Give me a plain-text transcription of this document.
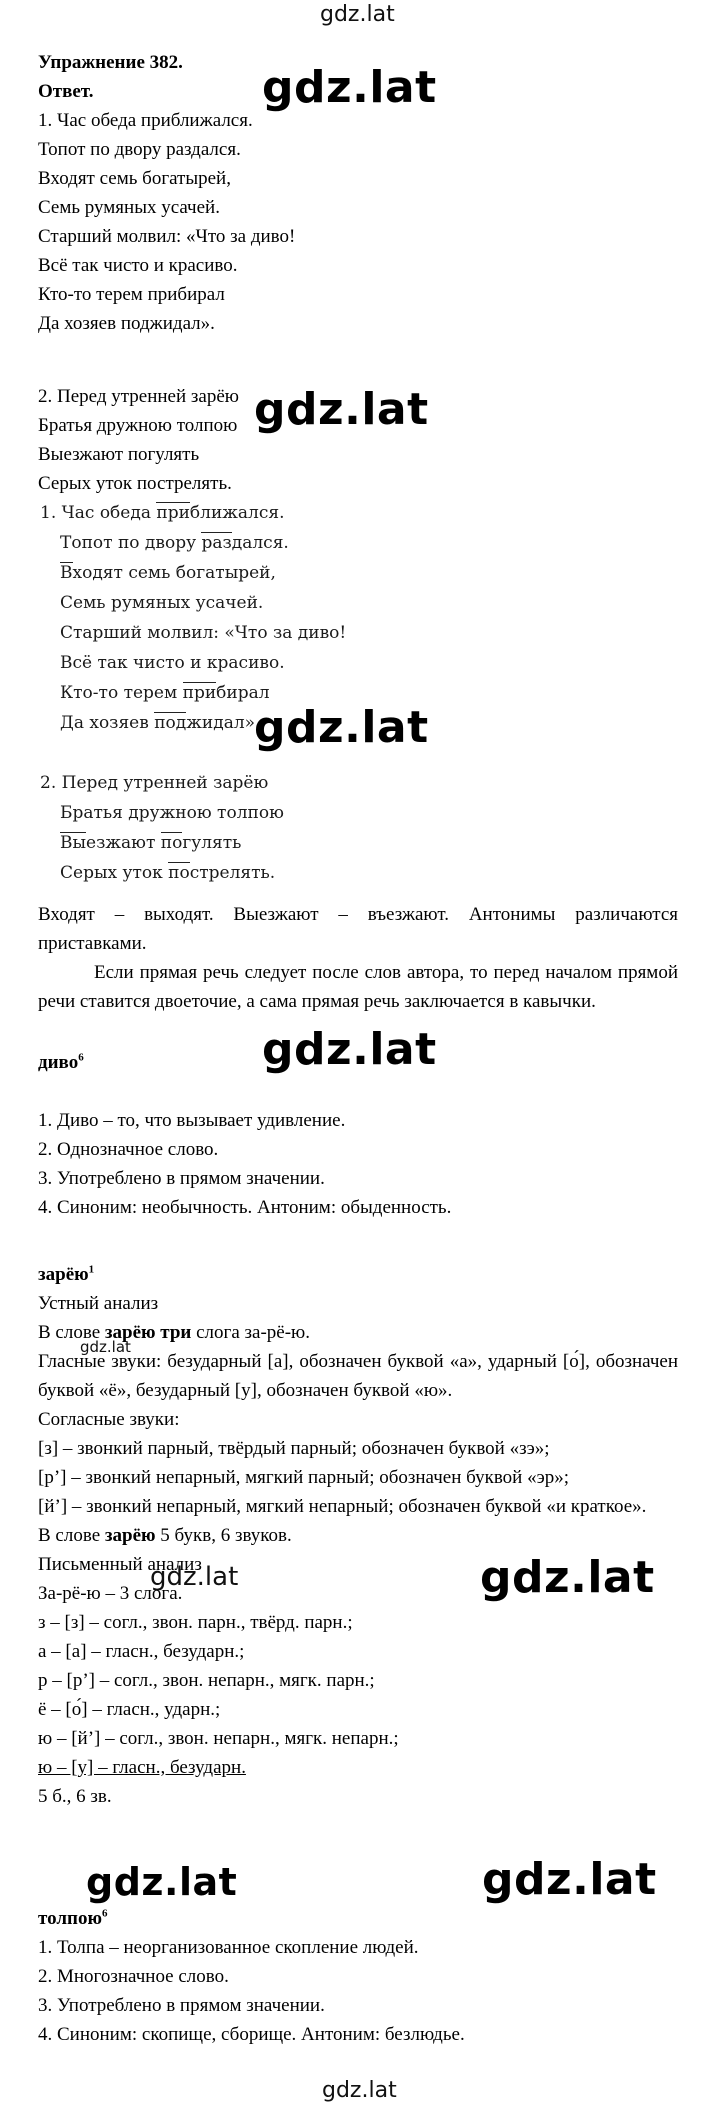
gdz.lat

Упражнение 382.

Ответ.

1. Час обеда приближался.

Топот по двору раздался.

Входят семь богатырей,

Семь румяных усачей.

Старший молвил: «Что за диво!

Всё так чисто и красиво.

Кто-то терем прибирал

Да хозяев поджидал».

gdz.lat

2. Перед утренней зарёю

Братья дружною толпою

Выезжают погулять

Серых уток пострелять.

gdz.lat

1. Час обеда приближался.

Топот по двору раздался.

Входят семь богатырей,

Семь румяных усачей.

Старший молвил: «Что за диво!

Всё так чисто и красиво.

Кто-то терем прибирал

Да хозяев поджидал».

gdz.lat

2. Перед утренней зарёю

Братья дружною толпою

Выезжают погулять

Серых уток пострелять.

Входят – выходят. Выезжают – въезжают. Антонимы различаются приставками.

Если прямая речь следует после слов автора, то перед началом прямой речи ставится двоеточие, а сама прямая речь заключается в кавычки.

gdz.lat

диво$^6$

1. Диво – то, что вызывает удивление.

2. Однозначное слово.

3. Употреблено в прямом значении.

4. Синоним: необычность. Антоним: обыденность.

зарёю$^1$

Устный анализ

В слове зарёю три слога за-рё-ю.

Гласные звуки: безударный [а], обозначен буквой «а», ударный [о́], обозначен буквой «ё», безударный [у], обозначен буквой «ю».

Согласные звуки:

[з] – звонкий парный, твёрдый парный; обозначен буквой «зэ»;

[р’] – звонкий непарный, мягкий парный; обозначен буквой «эр»;

[й’] – звонкий непарный, мягкий непарный; обозначен буквой «и краткое».

В слове зарёю 5 букв, 6 звуков.

Письменный анализ

За-рё-ю – 3 слога.

з – [з] – согл., звон. парн., твёрд. парн.;

а – [а] – гласн., безударн.;

р – [р’] – согл., звон. непарн., мягк. парн.;

ё – [о́] – гласн., ударн.;

ю – [й’] – согл., звон. непарн., мягк. непарн.;

ю – [у] – гласн., безударн.

5 б., 6 зв.

gdz.lat
gdz.lat	gdz.lat
gdz.lat	gdz.lat

толпою$^6$

1. Толпа – неорганизованное скопление людей.

2. Многозначное слово.

3. Употреблено в прямом значении.

4. Синоним: скопище, сборище. Антоним: безлюдье.

gdz.lat
